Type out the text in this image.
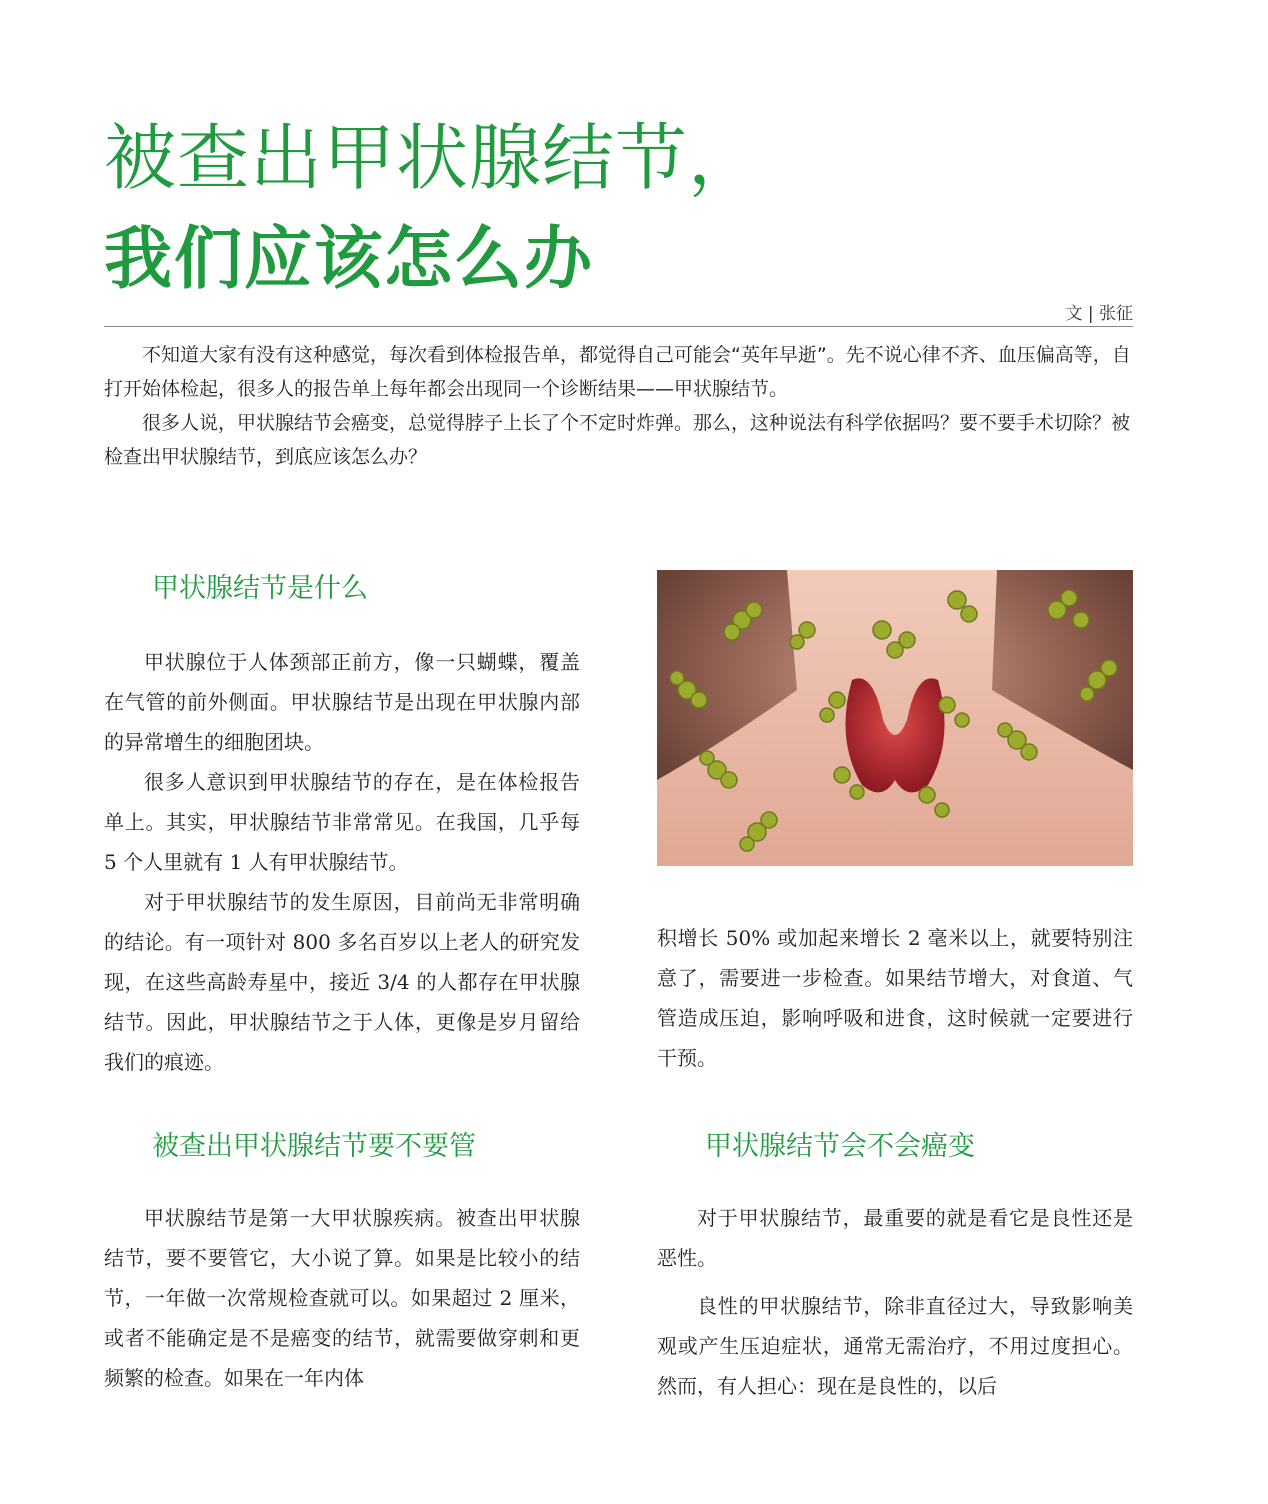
被查出甲状腺结节，
我们应该怎么办
文 | 张征

不知道大家有没有这种感觉，每次看到体检报告单，都觉得自己可能会“英年早逝”。先不说心律不齐、血压偏高等，自打开始体检起，很多人的报告单上每年都会出现同一个诊断结果——甲状腺结节。

很多人说，甲状腺结节会癌变，总觉得脖子上长了个不定时炸弹。那么，这种说法有科学依据吗？要不要手术切除？被检查出甲状腺结节，到底应该怎么办？

甲状腺结节是什么

甲状腺位于人体颈部正前方，像一只蝴蝶，覆盖在气管的前外侧面。甲状腺结节是出现在甲状腺内部的异常增生的细胞团块。

很多人意识到甲状腺结节的存在，是在体检报告单上。其实，甲状腺结节非常常见。在我国，几乎每 5 个人里就有 1 人有甲状腺结节。

对于甲状腺结节的发生原因，目前尚无非常明确的结论。有一项针对 800 多名百岁以上老人的研究发现，在这些高龄寿星中，接近 3/4 的人都存在甲状腺结节。因此，甲状腺结节之于人体，更像是岁月留给我们的痕迹。

积增长 50% 或加起来增长 2 毫米以上，就要特别注意了，需要进一步检查。如果结节增大，对食道、气管造成压迫，影响呼吸和进食，这时候就一定要进行干预。

被查出甲状腺结节要不要管

甲状腺结节是第一大甲状腺疾病。被查出甲状腺结节，要不要管它，大小说了算。如果是比较小的结节，一年做一次常规检查就可以。如果超过 2 厘米，或者不能确定是不是癌变的结节，就需要做穿刺和更频繁的检查。如果在一年内体

甲状腺结节会不会癌变

对于甲状腺结节，最重要的就是看它是良性还是恶性。

良性的甲状腺结节，除非直径过大，导致影响美观或产生压迫症状，通常无需治疗，不用过度担心。然而，有人担心：现在是良性的，以后
